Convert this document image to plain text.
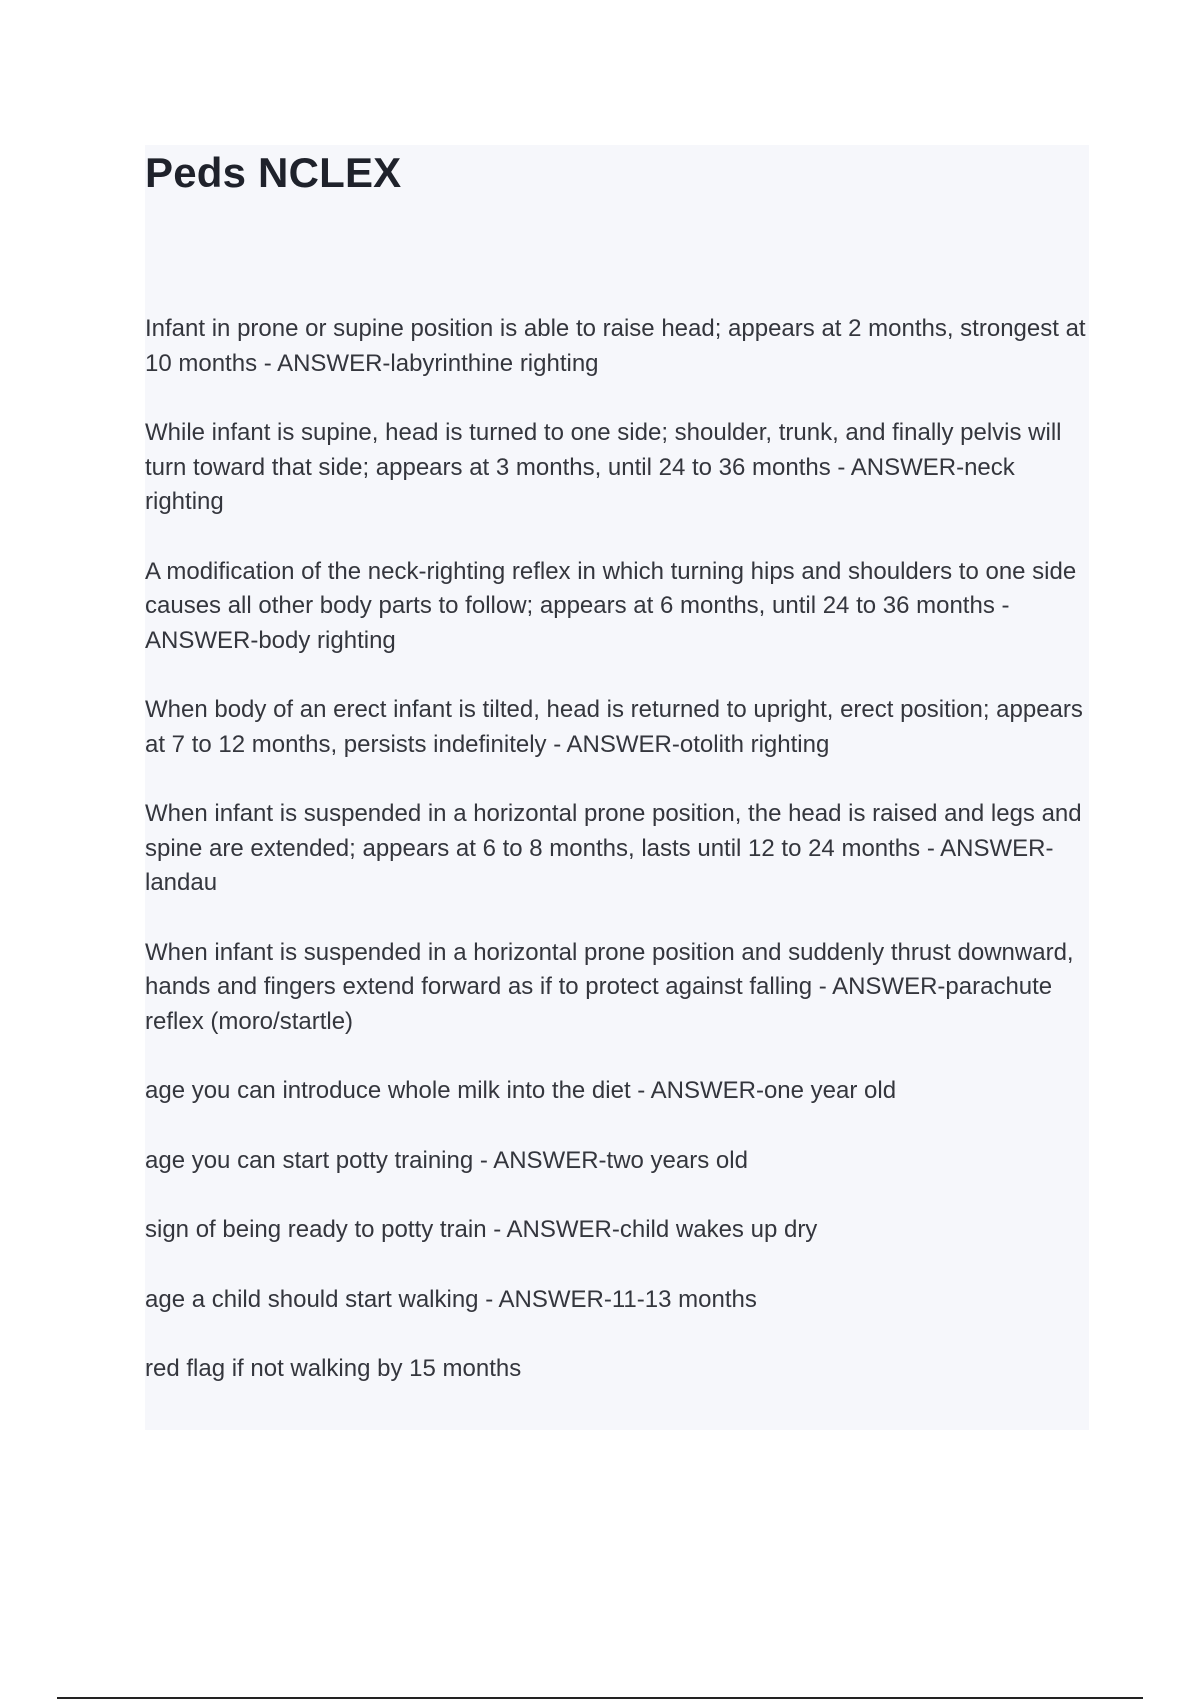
Peds NCLEX

Infant in prone or supine position is able to raise head; appears at 2 months, strongest at 10 months - ANSWER-labyrinthine righting

While infant is supine, head is turned to one side; shoulder, trunk, and finally pelvis will turn toward that side; appears at 3 months, until 24 to 36 months - ANSWER-neck righting

A modification of the neck-righting reflex in which turning hips and shoulders to one side causes all other body parts to follow; appears at 6 months, until 24 to 36 months - ANSWER-body righting

When body of an erect infant is tilted, head is returned to upright, erect position; appears at 7 to 12 months, persists indefinitely - ANSWER-otolith righting

When infant is suspended in a horizontal prone position, the head is raised and legs and spine are extended; appears at 6 to 8 months, lasts until 12 to 24 months - ANSWER-landau

When infant is suspended in a horizontal prone position and suddenly thrust downward, hands and fingers extend forward as if to protect against falling - ANSWER-parachute reflex (moro/startle)

age you can introduce whole milk into the diet - ANSWER-one year old

age you can start potty training - ANSWER-two years old

sign of being ready to potty train - ANSWER-child wakes up dry

age a child should start walking - ANSWER-11-13 months

red flag if not walking by 15 months
